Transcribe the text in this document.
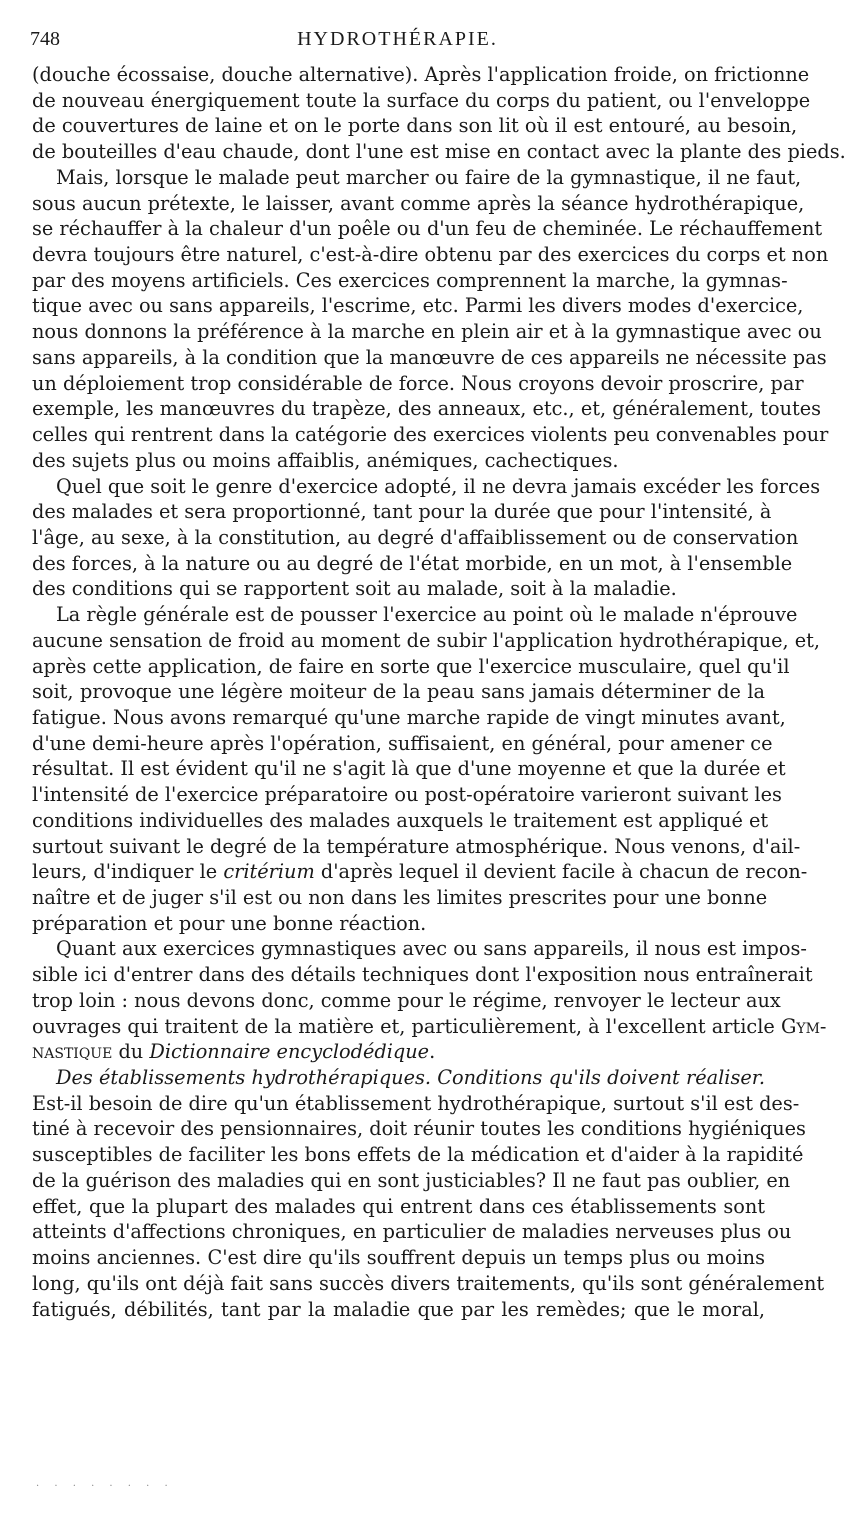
748	HYDROTHÉRAPIE.
(douche écossaise, douche alternative). Après l'application froide, on frictionne
de nouveau énergiquement toute la surface du corps du patient, ou l'enveloppe
de couvertures de laine et on le porte dans son lit où il est entouré, au besoin,
de bouteilles d'eau chaude, dont l'une est mise en contact avec la plante des pieds.
Mais, lorsque le malade peut marcher ou faire de la gymnastique, il ne faut,
sous aucun prétexte, le laisser, avant comme après la séance hydrothérapique,
se réchauffer à la chaleur d'un poêle ou d'un feu de cheminée. Le réchauffement
devra toujours être naturel, c'est-à-dire obtenu par des exercices du corps et non
par des moyens artificiels. Ces exercices comprennent la marche, la gymnas-
tique avec ou sans appareils, l'escrime, etc. Parmi les divers modes d'exercice,
nous donnons la préférence à la marche en plein air et à la gymnastique avec ou
sans appareils, à la condition que la manœuvre de ces appareils ne nécessite pas
un déploiement trop considérable de force. Nous croyons devoir proscrire, par
exemple, les manœuvres du trapèze, des anneaux, etc., et, généralement, toutes
celles qui rentrent dans la catégorie des exercices violents peu convenables pour
des sujets plus ou moins affaiblis, anémiques, cachectiques.
Quel que soit le genre d'exercice adopté, il ne devra jamais excéder les forces
des malades et sera proportionné, tant pour la durée que pour l'intensité, à
l'âge, au sexe, à la constitution, au degré d'affaiblissement ou de conservation
des forces, à la nature ou au degré de l'état morbide, en un mot, à l'ensemble
des conditions qui se rapportent soit au malade, soit à la maladie.
La règle générale est de pousser l'exercice au point où le malade n'éprouve
aucune sensation de froid au moment de subir l'application hydrothérapique, et,
après cette application, de faire en sorte que l'exercice musculaire, quel qu'il
soit, provoque une légère moiteur de la peau sans jamais déterminer de la
fatigue. Nous avons remarqué qu'une marche rapide de vingt minutes avant,
d'une demi-heure après l'opération, suffisaient, en général, pour amener ce
résultat. Il est évident qu'il ne s'agit là que d'une moyenne et que la durée et
l'intensité de l'exercice préparatoire ou post-opératoire varieront suivant les
conditions individuelles des malades auxquels le traitement est appliqué et
surtout suivant le degré de la température atmosphérique. Nous venons, d'ail-
leurs, d'indiquer le critérium d'après lequel il devient facile à chacun de recon-
naître et de juger s'il est ou non dans les limites prescrites pour une bonne
préparation et pour une bonne réaction.
Quant aux exercices gymnastiques avec ou sans appareils, il nous est impos-
sible ici d'entrer dans des détails techniques dont l'exposition nous entraînerait
trop loin : nous devons donc, comme pour le régime, renvoyer le lecteur aux
ouvrages qui traitent de la matière et, particulièrement, à l'excellent article Gym-
nastique du Dictionnaire encyclodédique.
Des établissements hydrothérapiques. Conditions qu'ils doivent réaliser.
Est-il besoin de dire qu'un établissement hydrothérapique, surtout s'il est des-
tiné à recevoir des pensionnaires, doit réunir toutes les conditions hygiéniques
susceptibles de faciliter les bons effets de la médication et d'aider à la rapidité
de la guérison des maladies qui en sont justiciables? Il ne faut pas oublier, en
effet, que la plupart des malades qui entrent dans ces établissements sont
atteints d'affections chroniques, en particulier de maladies nerveuses plus ou
moins anciennes. C'est dire qu'ils souffrent depuis un temps plus ou moins
long, qu'ils ont déjà fait sans succès divers traitements, qu'ils sont généralement
fatigués, débilités, tant par la maladie que par les remèdes; que le moral,
. . . . . . . .
